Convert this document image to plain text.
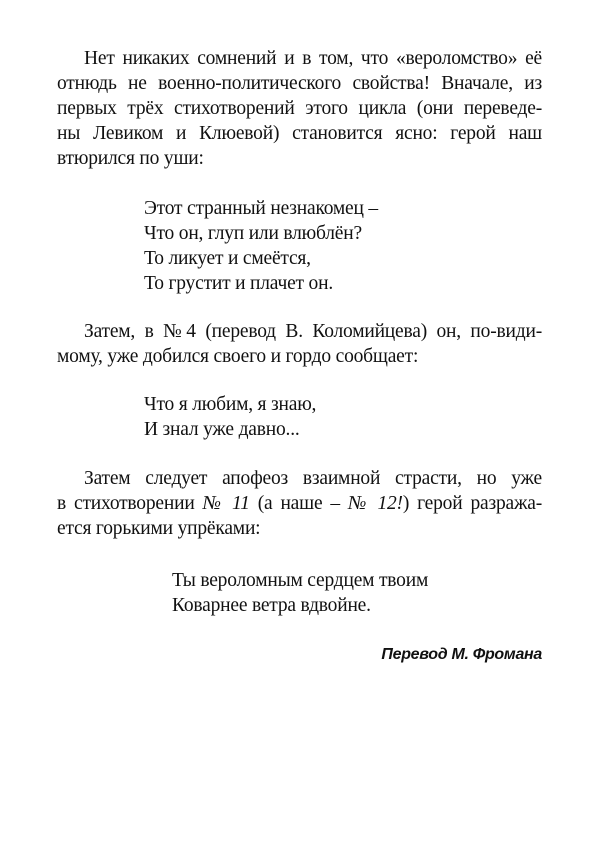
Нет никаких сомнений и в том, что «вероломство» её
отнюдь не военно-политического свойства! Вначале, из
первых трёх стихотворений этого цикла (они переведе-
ны Левиком и Клюевой) становится ясно: герой наш
втюрился по уши:
Этот странный незнакомец –
Что он, глуп или влюблён?
То ликует и смеётся,
То грустит и плачет он.
Затем, в №4 (перевод В. Коломийцева) он, по-види-
мому, уже добился своего и гордо сообщает:
Что я любим, я знаю,
И знал уже давно...
Затем следует апофеоз взаимной страсти, но уже
в стихотворении № 11 (а наше – № 12!) герой разража-
ется горькими упрёками:
Ты вероломным сердцем твоим
Коварнее ветра вдвойне.
Перевод М. Фромана
